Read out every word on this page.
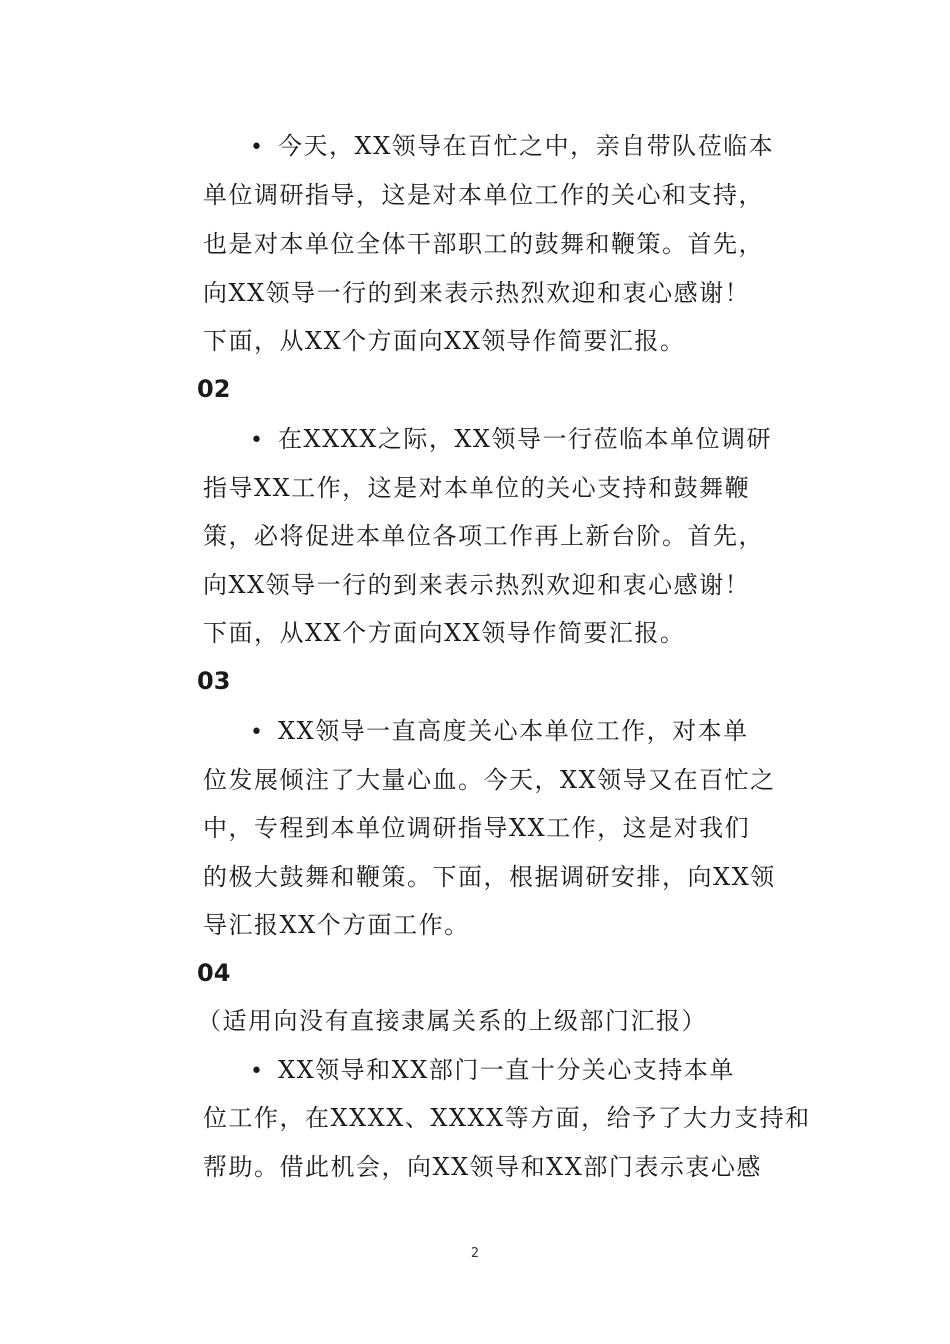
• 今天，XX领导在百忙之中，亲自带队莅临本
单位调研指导，这是对本单位工作的关心和支持，
也是对本单位全体干部职工的鼓舞和鞭策。首先，
向XX领导一行的到来表示热烈欢迎和衷心感谢！
下面，从XX个方面向XX领导作简要汇报。
02
• 在XXXX之际，XX领导一行莅临本单位调研
指导XX工作，这是对本单位的关心支持和鼓舞鞭
策，必将促进本单位各项工作再上新台阶。首先，
向XX领导一行的到来表示热烈欢迎和衷心感谢！
下面，从XX个方面向XX领导作简要汇报。
03
• XX领导一直高度关心本单位工作，对本单
位发展倾注了大量心血。今天，XX领导又在百忙之
中，专程到本单位调研指导XX工作，这是对我们
的极大鼓舞和鞭策。下面，根据调研安排，向XX领
导汇报XX个方面工作。
04
（适用向没有直接隶属关系的上级部门汇报）
• XX领导和XX部门一直十分关心支持本单
位工作，在XXXX、XXXX等方面，给予了大力支持和
帮助。借此机会，向XX领导和XX部门表示衷心感
2
